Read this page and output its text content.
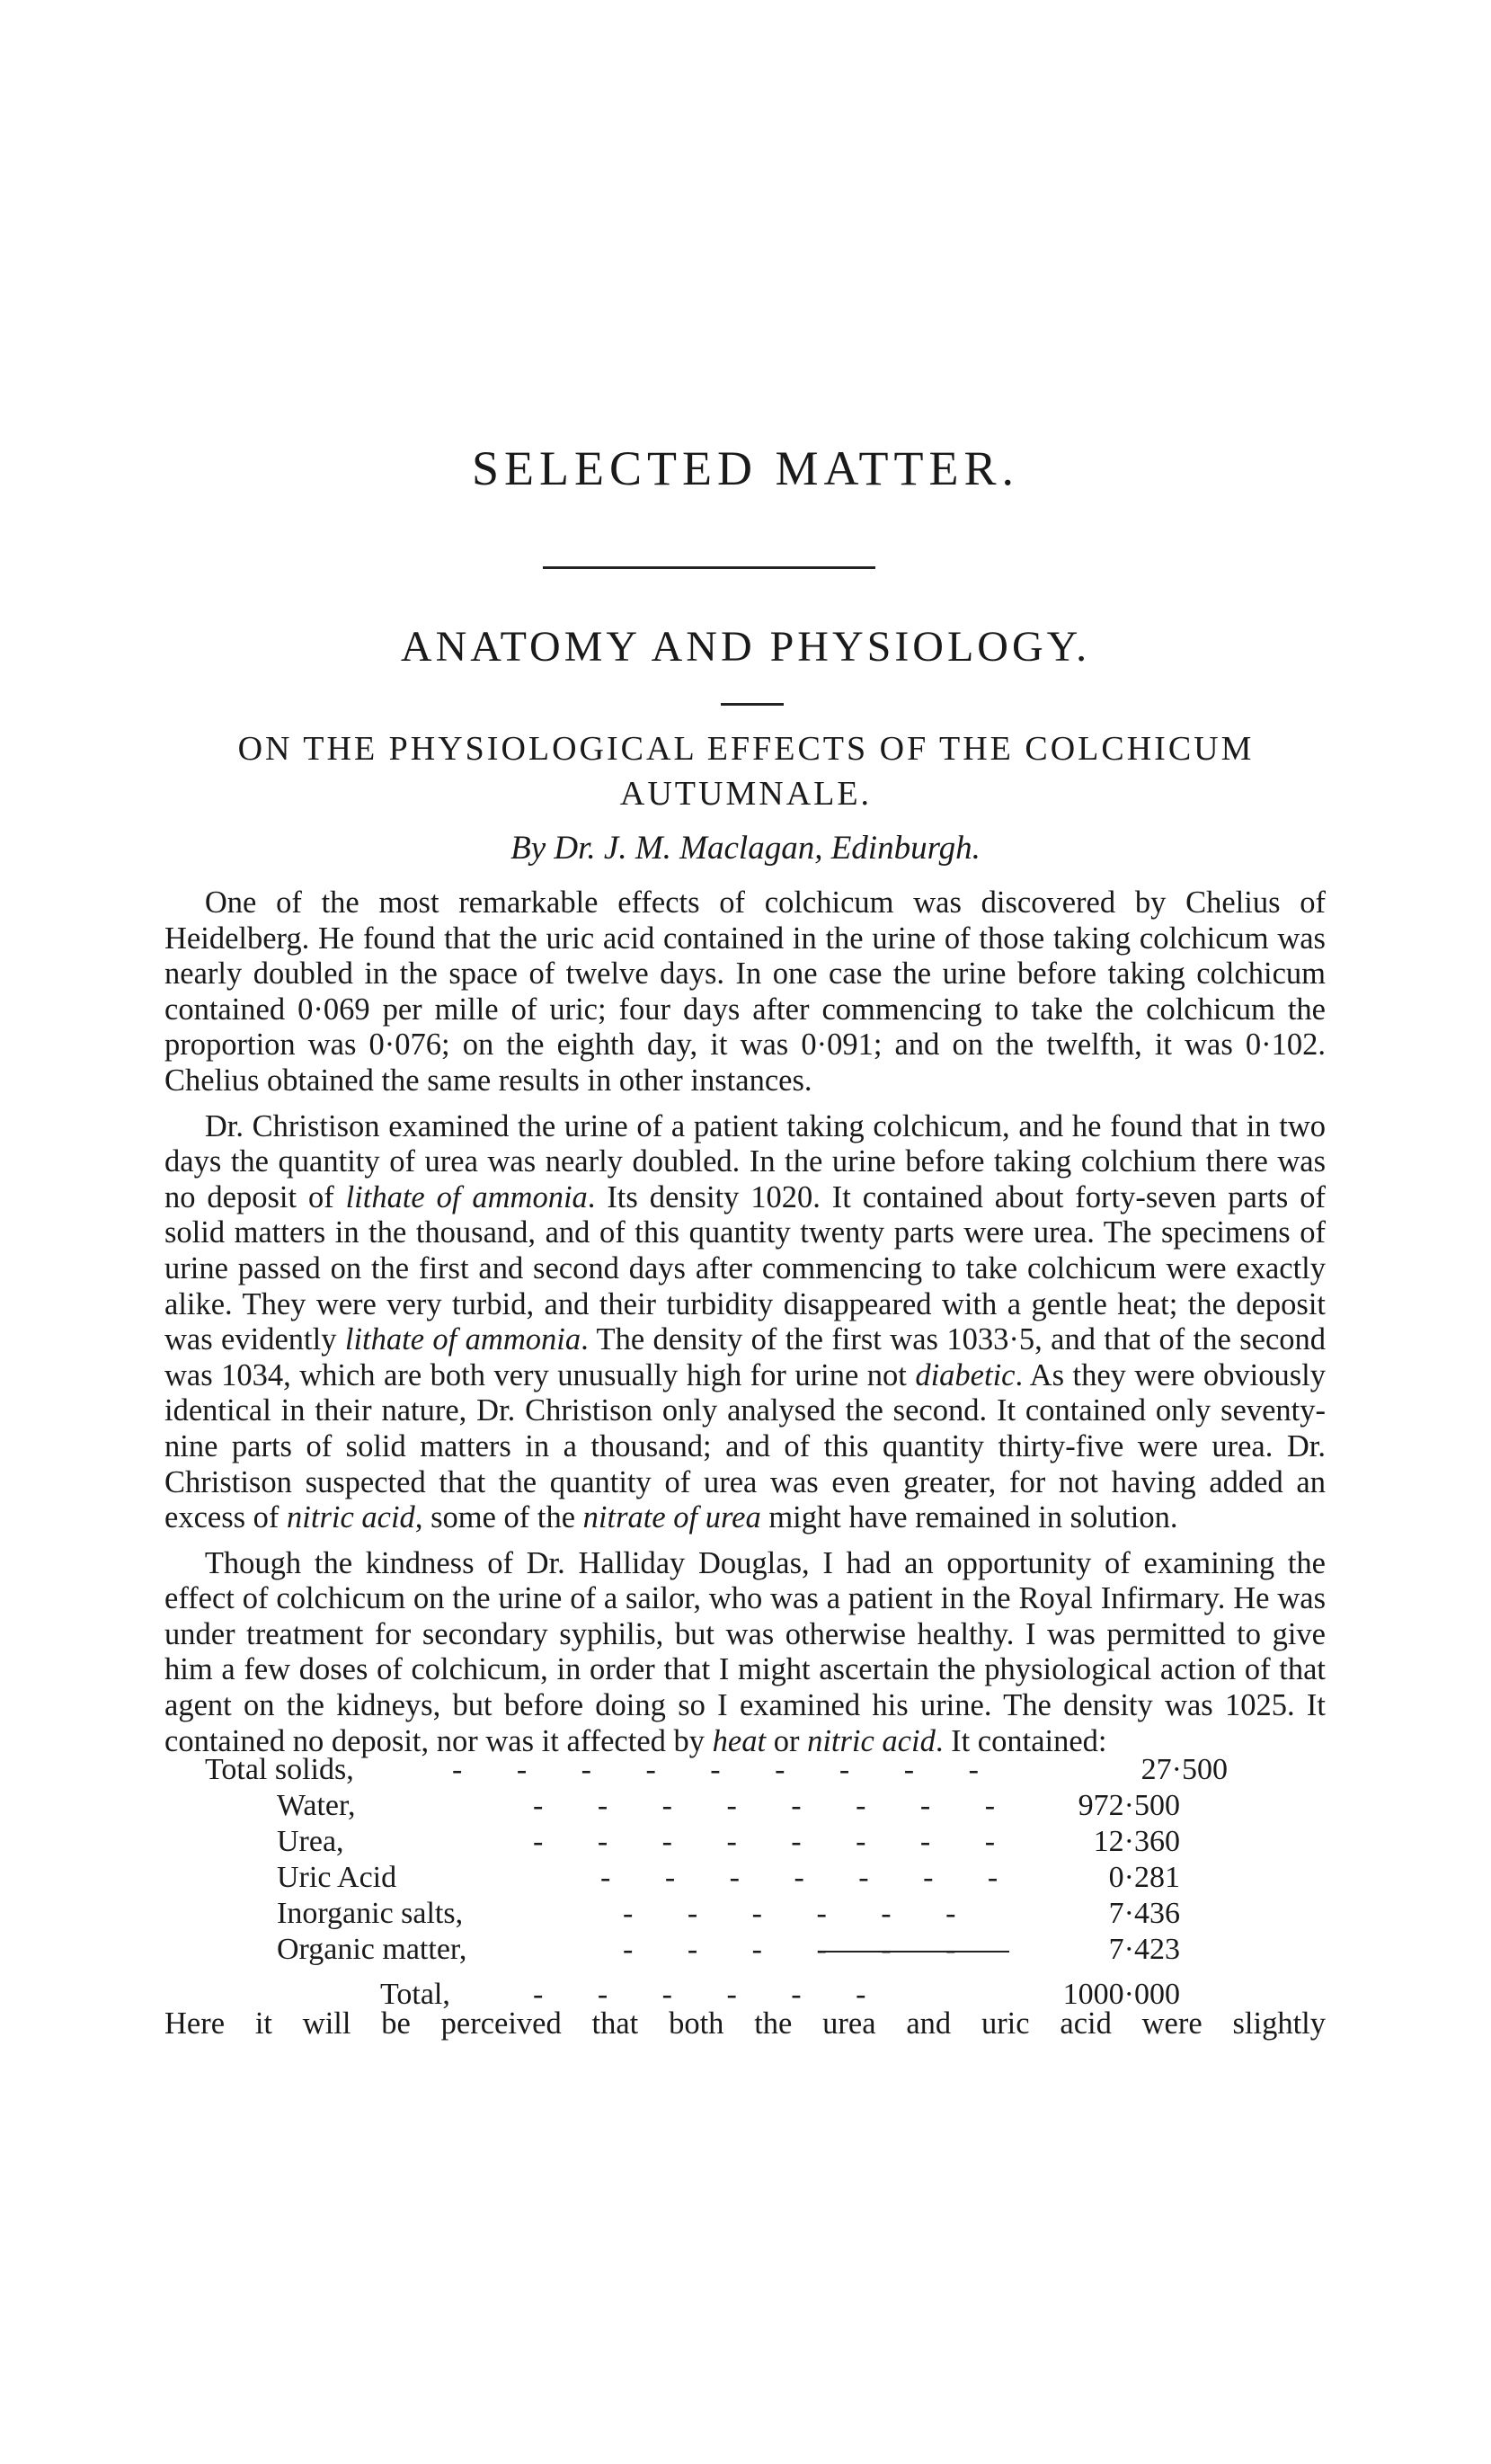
SELECTED MATTER.
ANATOMY AND PHYSIOLOGY.
ON THE PHYSIOLOGICAL EFFECTS OF THE COLCHICUM AUTUMNALE.

By Dr. J. M. Maclagan, Edinburgh.

One of the most remarkable effects of colchicum was discovered by Chelius of Heidelberg. He found that the uric acid contained in the urine of those taking colchicum was nearly doubled in the space of twelve days. In one case the urine before taking colchicum contained 0·069 per mille of uric; four days after commencing to take the colchicum the proportion was 0·076; on the eighth day, it was 0·091; and on the twelfth, it was 0·102. Chelius obtained the same results in other instances.

Dr. Christison examined the urine of a patient taking colchicum, and he found that in two days the quantity of urea was nearly doubled. In the urine before taking colchium there was no deposit of lithate of ammonia. Its density 1020. It contained about forty-seven parts of solid matters in the thousand, and of this quantity twenty parts were urea. The specimens of urine passed on the first and second days after commencing to take colchicum were exactly alike. They were very turbid, and their turbidity disappeared with a gentle heat; the deposit was evidently lithate of ammonia. The density of the first was 1033·5, and that of the second was 1034, which are both very unusually high for urine not diabetic. As they were obviously identical in their nature, Dr. Christison only analysed the second. It contained only seventy-nine parts of solid matters in a thousand; and of this quantity thirty-five were urea. Dr. Christison suspected that the quantity of urea was even greater, for not having added an excess of nitric acid, some of the nitrate of urea might have remained in solution.

Though the kindness of Dr. Halliday Douglas, I had an opportunity of examining the effect of colchicum on the urine of a sailor, who was a patient in the Royal Infirmary. He was under treatment for secondary syphilis, but was otherwise healthy. I was permitted to give him a few doses of colchicum, in order that I might ascertain the physiological action of that agent on the kidneys, but before doing so I examined his urine. The density was 1025. It contained no deposit, nor was it affected by heat or nitric acid. It contained:

Total solids,	- - - - - - - - -	27·500
Water,	- - - - - - - -	972·500
Urea,	- - - - - - - -	12·360
Uric Acid	- - - - - - -	0·281
Inorganic salts,	- - - - - -	7·436
Organic matter,	- - - - - -	7·423
Total,	- - - - - -	1000·000

Here it will be perceived that both the urea and uric acid were slightly
